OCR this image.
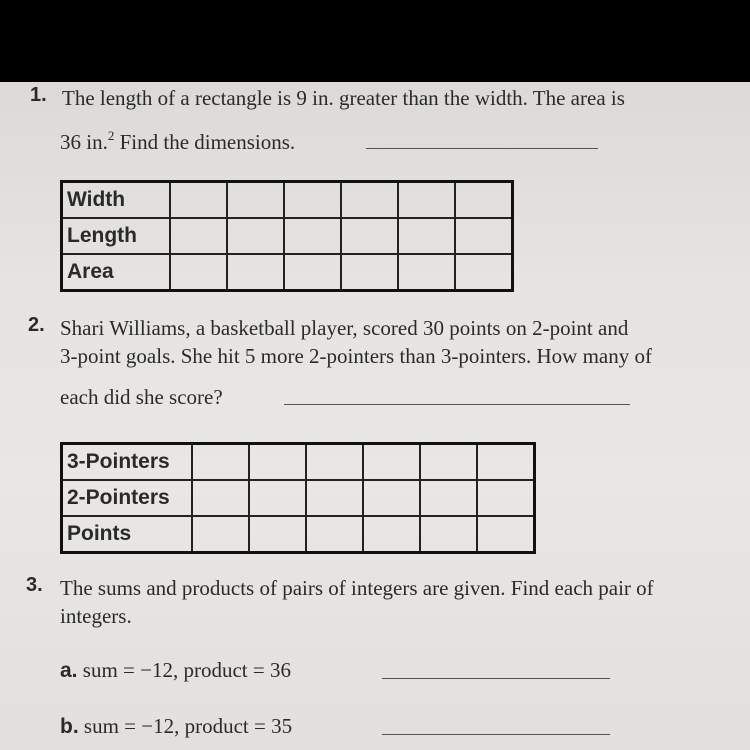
1. The length of a rectangle is 9 in. greater than the width. The area is
36 in.$^2$ Find the dimensions.
Width						
Length						
Area						
2. Shari Williams, a basketball player, scored 30 points on 2-point and
3-point goals. She hit 5 more 2-pointers than 3-pointers. How many of
each did she score?
3-Pointers						
2-Pointers						
Points						
3. The sums and products of pairs of integers are given. Find each pair of
integers.
a. sum = −12, product = 36
b. sum = −12, product = 35
